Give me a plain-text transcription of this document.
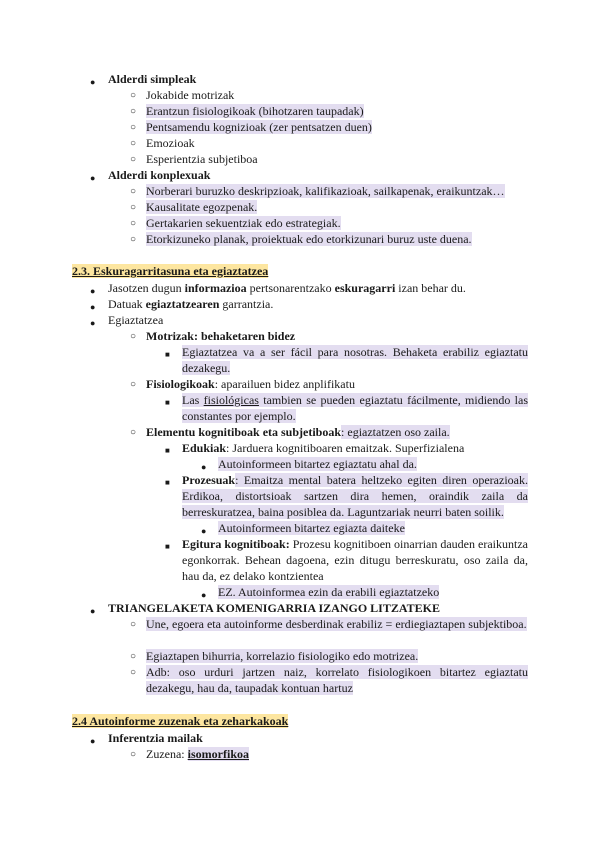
● Alderdi simpleak
○ Jokabide motrizak
○ Erantzun fisiologikoak (bihotzaren taupadak)
○ Pentsamendu kognizioak (zer pentsatzen duen)
○ Emozioak
○ Esperientzia subjetiboa
● Alderdi konplexuak
○ Norberari buruzko deskripzioak, kalifikazioak, sailkapenak, eraikuntzak…
○ Kausalitate egozpenak.
○ Gertakarien sekuentziak edo estrategiak.
○ Etorkizuneko planak, proiektuak edo etorkizunari buruz uste duena.
2.3. Eskuragarritasuna eta egiaztatzea
● Jasotzen dugun informazioa pertsonarentzako eskuragarri izan behar du.
● Datuak egiaztatzearen garrantzia.
● Egiaztatzea
○ Motrizak: behaketaren bidez
■ Egiaztatzea va a ser fácil para nosotras. Behaketa erabiliz egiaztatu dezakegu.
○ Fisiologikoak: aparailuen bidez anplifikatu
■ Las fisiológicas tambien se pueden egiaztatu fácilmente, midiendo las constantes por ejemplo.
○ Elementu kognitiboak eta subjetiboak: egiaztatzen oso zaila.
■ Edukiak: Jarduera kognitiboaren emaitzak. Superfizialena
● Autoinformeen bitartez egiaztatu ahal da.
■ Prozesuak: Emaitza mental batera heltzeko egiten diren operazioak. Erdikoa, distortsioak sartzen dira hemen, oraindik zaila da berreskuratzea, baina posiblea da. Laguntzariak neurri baten soilik.
● Autoinformeen bitartez egiazta daiteke
■ Egitura kognitiboak: Prozesu kognitiboen oinarrian dauden eraikuntza egonkorrak. Behean dagoena, ezin ditugu berreskuratu, oso zaila da, hau da, ez delako kontzientea
● EZ. Autoinformea ezin da erabili egiaztatzeko
● TRIANGELAKETA KOMENIGARRIA IZANGO LITZATEKE
○ Une, egoera eta autoinforme desberdinak erabiliz = erdiegiaztapen subjektiboa.
○ Egiaztapen bihurria, korrelazio fisiologiko edo motrizea.
○ Adb: oso urduri jartzen naiz, korrelato fisiologikoen bitartez egiaztatu dezakegu, hau da, taupadak kontuan hartuz
2.4 Autoinforme zuzenak eta zeharkakoak
● Inferentzia mailak
○ Zuzena: isomorfikoa
